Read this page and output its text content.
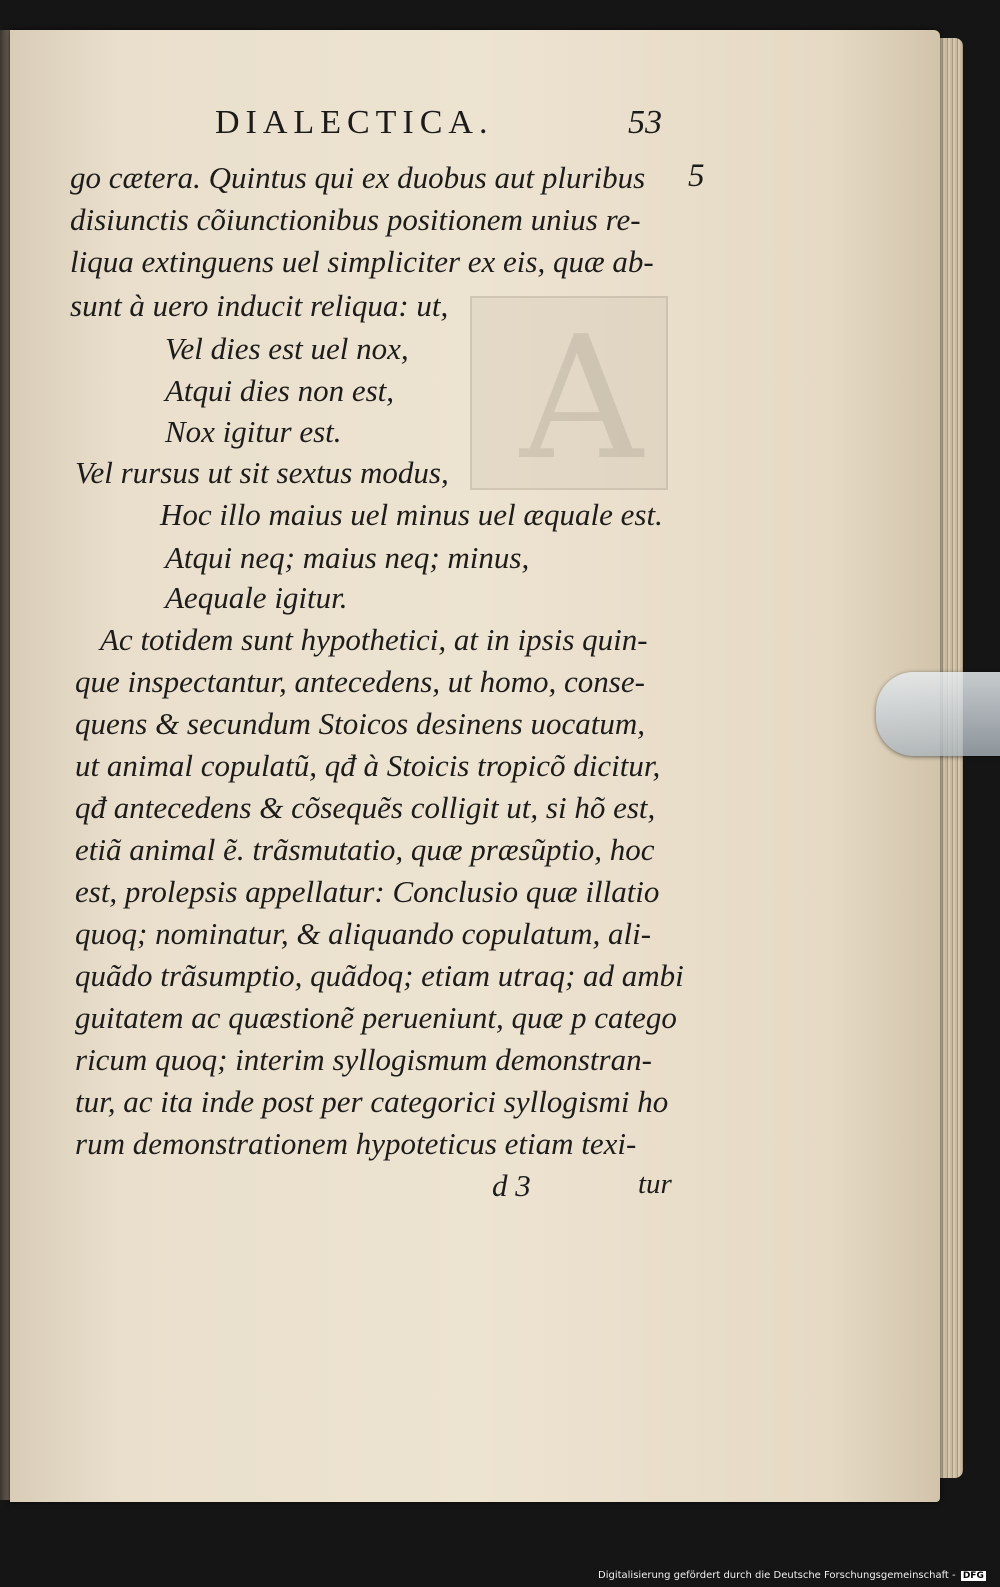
A
DIALECTICA.	53
5
go cætera. Quintus qui ex duobus aut pluribus
disiunctis cõiunctionibus positionem unius re-
liqua extinguens uel simpliciter ex eis, quæ ab-
sunt à uero inducit reliqua: ut,
Vel dies est uel nox,
Atqui dies non est,
Nox igitur est.
Vel rursus ut sit sextus modus,
Hoc illo maius uel minus uel æquale est.
Atqui neq; maius neq; minus,
Aequale igitur.
Ac totidem sunt hypothetici, at in ipsis quin-
que inspectantur, antecedens, ut homo, conse-
quens & secundum Stoicos desinens uocatum,
ut animal copulatũ, qđ à Stoicis tropicõ dicitur,
qđ antecedens & cõsequẽs colligit ut, si hõ est,
etiã animal ẽ. trãsmutatio, quæ præsũptio, hoc
est, prolepsis appellatur: Conclusio quæ illatio
quoq; nominatur, & aliquando copulatum, ali-
quãdo trãsumptio, quãdoq; etiam utraq; ad ambi
guitatem ac quæstionẽ perueniunt, quæ p catego
ricum quoq; interim syllogismum demonstran-
tur, ac ita inde post per categorici syllogismi ho
rum demonstrationem hypoteticus etiam texi-
d 3	tur
Digitalisierung gefördert durch die Deutsche Forschungsgemeinschaft - DFG
